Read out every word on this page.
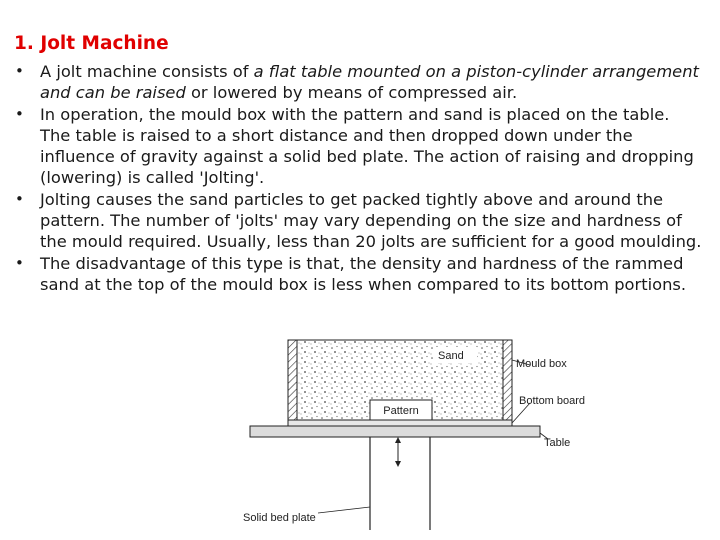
1. Jolt Machine
• A jolt machine consists of a flat table mounted on a piston-cylinder arrangement and can be raised or lowered by means of compressed air.
• In operation, the mould box with the pattern and sand is placed on the table. The table is raised to a short distance and then dropped down under the influence of gravity against a solid bed plate. The action of raising and dropping (lowering) is called 'Jolting'.
• Jolting causes the sand particles to get packed tightly above and around the pattern. The number of 'jolts' may vary depending on the size and hardness of the mould required. Usually, less than 20 jolts are sufficient for a good moulding.
• The disadvantage of this type is that, the density and hardness of the rammed sand at the top of the mould box is less when compared to its bottom portions.
Pattern
Sand
Mould box
Bottom board
Table
Solid bed plate
